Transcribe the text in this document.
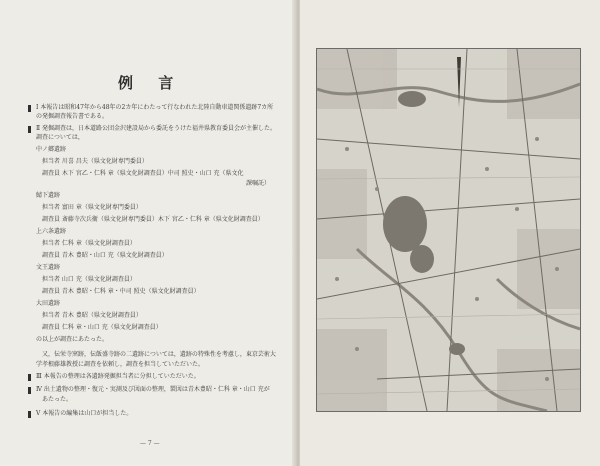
例 言
Ⅰ 本報告は昭和47年から48年の2カ年にわたって行なわれた北陸自動車道関係遺跡7カ所
の発掘調査報告書である。
Ⅱ 発掘調査は，日本道路公団金沢建設局から委託をうけた福井県教育委員会が主催した。
調査については，
中ノ郷遺跡
担当者 川喜 昌夫（県文化財専門委員）
調査員 木下 宮乙・仁科 章（県文化財調査員）中司 照史・山口 充（県文化
課嘱託）
鯖下遺跡
担当者 富田 章（県文化財専門委員）
調査員 斎藤寺次兵衛（県文化財専門委員）木下 宮乙・仁科 章（県文化財調査員）
上六条遺跡
担当者 仁科 章（県文化財調査員）
調査員 青木 豊昭・山口 充（県文化財調査員）
文王遺跡
担当者 山口 充（県文化財調査員）
調査員 青木 豊昭・仁科 章・中司 照史（県文化財調査員）
大田遺跡
担当者 青木 豊昭（県文化財調査員）
調査員 仁科 章・山口 充（県文化財調査員）
の以上が調査にあたった。
又，伝栄寺窯跡，伝飯盛寺跡の二遺跡については，遺跡の特殊性を考慮し，東京芸術大
学孝根藤雄教授に調査を依頼し，調査を担当していただいた。
Ⅲ 本報告の整理は各遺跡発掘担当者に分担していただいた。
Ⅳ 出土遺物の整理・復元・実測及び図面の整理，製図は青木豊昭・仁科 章・山口 充が
あたった。
Ⅴ 本報告の編集は山口が担当した。
— 7 —
